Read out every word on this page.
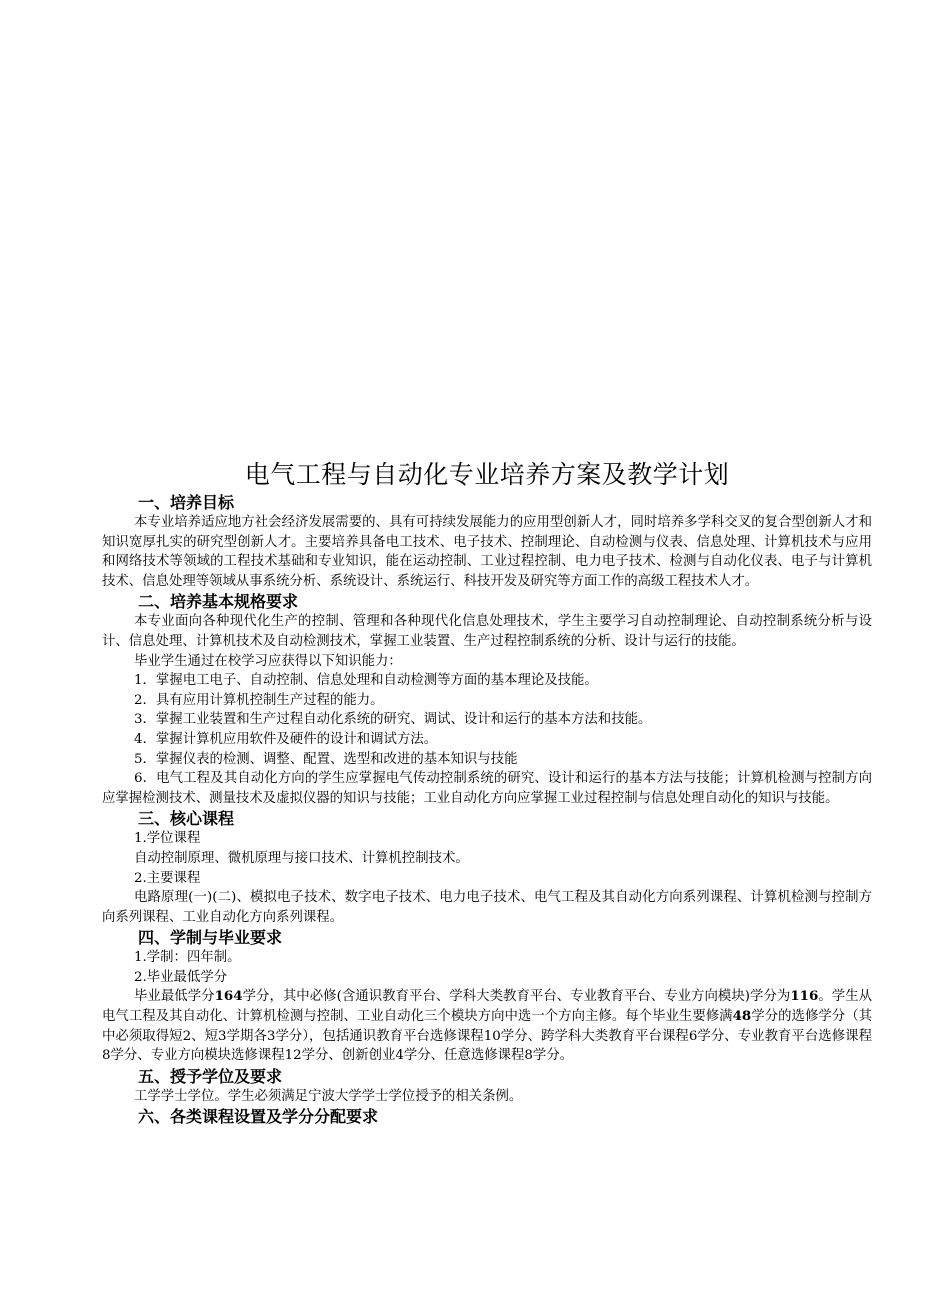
电气工程与自动化专业培养方案及教学计划

一、培养目标

本专业培养适应地方社会经济发展需要的、具有可持续发展能力的应用型创新人才，同时培养多学科交叉的复合型创新人才和知识宽厚扎实的研究型创新人才。主要培养具备电工技术、电子技术、控制理论、自动检测与仪表、信息处理、计算机技术与应用和网络技术等领域的工程技术基础和专业知识，能在运动控制、工业过程控制、电力电子技术、检测与自动化仪表、电子与计算机技术、信息处理等领域从事系统分析、系统设计、系统运行、科技开发及研究等方面工作的高级工程技术人才。

二、培养基本规格要求

本专业面向各种现代化生产的控制、管理和各种现代化信息处理技术，学生主要学习自动控制理论、自动控制系统分析与设计、信息处理、计算机技术及自动检测技术，掌握工业装置、生产过程控制系统的分析、设计与运行的技能。

毕业学生通过在校学习应获得以下知识能力：

1．掌握电工电子、自动控制、信息处理和自动检测等方面的基本理论及技能。

2．具有应用计算机控制生产过程的能力。

3．掌握工业装置和生产过程自动化系统的研究、调试、设计和运行的基本方法和技能。

4．掌握计算机应用软件及硬件的设计和调试方法。

5．掌握仪表的检测、调整、配置、选型和改进的基本知识与技能

6．电气工程及其自动化方向的学生应掌握电气传动控制系统的研究、设计和运行的基本方法与技能；计算机检测与控制方向应掌握检测技术、测量技术及虚拟仪器的知识与技能；工业自动化方向应掌握工业过程控制与信息处理自动化的知识与技能。

三、核心课程

1.学位课程

自动控制原理、微机原理与接口技术、计算机控制技术。

2.主要课程

电路原理(一)(二)、模拟电子技术、数字电子技术、电力电子技术、电气工程及其自动化方向系列课程、计算机检测与控制方向系列课程、工业自动化方向系列课程。

四、学制与毕业要求

1.学制：四年制。

2.毕业最低学分

毕业最低学分164学分，其中必修(含通识教育平台、学科大类教育平台、专业教育平台、专业方向模块)学分为116。学生从电气工程及其自动化、计算机检测与控制、工业自动化三个模块方向中选一个方向主修。每个毕业生要修满48学分的选修学分（其中必须取得短2、短3学期各3学分），包括通识教育平台选修课程10学分、跨学科大类教育平台课程6学分、专业教育平台选修课程8学分、专业方向模块选修课程12学分、创新创业4学分、任意选修课程8学分。

五、授予学位及要求

工学学士学位。学生必须满足宁波大学学士学位授予的相关条例。

六、各类课程设置及学分分配要求
